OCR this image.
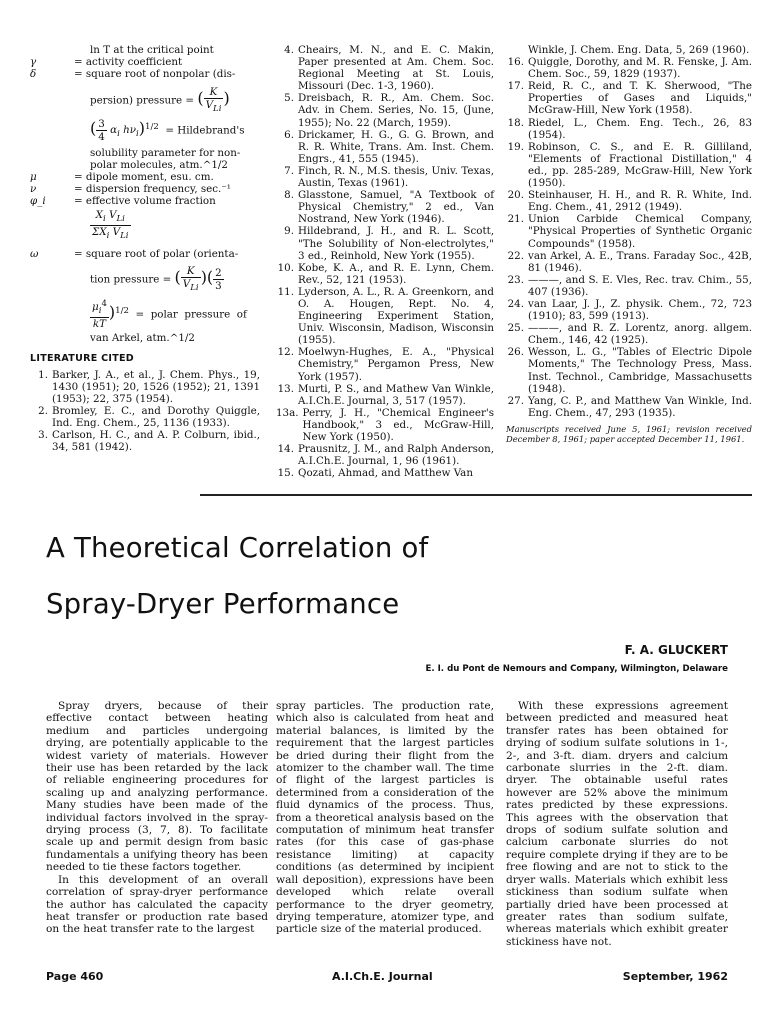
ln T at the critical point
γ	= activity coefficient
δ	= square root of nonpolar (dis-
persion) pressure = ( $\frac{K}{V_{Li}}$ )
( $\frac{3}{4} \alpha_i$ $h\nu_i)^{1/2}$  = Hildebrand's
solubility parameter for non-
polar molecules, atm.^1/2
μ	= dipole moment, esu. cm.
ν	= dispersion frequency, sec.⁻¹
φ_i	= effective volume fraction
$\frac{X_i V_{Li}}{\Sigma X_i V_{Li}}$
ω	= square root of polar (orienta-
tion pressure = ( $\frac{K}{V_{Li}}$ )( $\frac{2}{3}$
$\frac{\mu_i^4}{kT} )^{1/2}$  =  polar  pressure  of
van Arkel, atm.^1/2
LITERATURE CITED
1. Barker, J. A., et al., J. Chem. Phys., 19, 1430 (1951); 20, 1526 (1952); 21, 1391 (1953); 22, 375 (1954).
2. Bromley, E. C., and Dorothy Quiggle, Ind. Eng. Chem., 25, 1136 (1933).
3. Carlson, H. C., and A. P. Colburn, ibid., 34, 581 (1942).
4. Cheairs, M. N., and E. C. Makin, Paper presented at Am. Chem. Soc. Regional Meeting at St. Louis, Missouri (Dec. 1-3, 1960).
5. Dreisbach, R. R., Am. Chem. Soc. Adv. in Chem. Series, No. 15, (June, 1955); No. 22 (March, 1959).
6. Drickamer, H. G., G. G. Brown, and R. R. White, Trans. Am. Inst. Chem. Engrs., 41, 555 (1945).
7. Finch, R. N., M.S. thesis, Univ. Texas, Austin, Texas (1961).
8. Glasstone, Samuel, "A Textbook of Physical Chemistry," 2 ed., Van Nostrand, New York (1946).
9. Hildebrand, J. H., and R. L. Scott, "The Solubility of Non-electrolytes," 3 ed., Reinhold, New York (1955).
10. Kobe, K. A., and R. E. Lynn, Chem. Rev., 52, 121 (1953).
11. Lyderson, A. L., R. A. Greenkorn, and O. A. Hougen, Rept. No. 4, Engineering Experiment Station, Univ. Wisconsin, Madison, Wisconsin (1955).
12. Moelwyn-Hughes, E. A., "Physical Chemistry," Pergamon Press, New York (1957).
13. Murti, P. S., and Mathew Van Winkle, A.I.Ch.E. Journal, 3, 517 (1957).
13a. Perry, J. H., "Chemical Engineer's Handbook," 3 ed., McGraw-Hill, New York (1950).
14. Prausnitz, J. M., and Ralph Anderson, A.I.Ch.E. Journal, 1, 96 (1961).
15. Qozati, Ahmad, and Matthew Van
Winkle, J. Chem. Eng. Data, 5, 269 (1960).
16. Quiggle, Dorothy, and M. R. Fenske, J. Am. Chem. Soc., 59, 1829 (1937).
17. Reid, R. C., and T. K. Sherwood, "The Properties of Gases and Liquids," McGraw-Hill, New York (1958).
18. Riedel, L., Chem. Eng. Tech., 26, 83 (1954).
19. Robinson, C. S., and E. R. Gilliland, "Elements of Fractional Distillation," 4 ed., pp. 285-289, McGraw-Hill, New York (1950).
20. Steinhauser, H. H., and R. R. White, Ind. Eng. Chem., 41, 2912 (1949).
21. Union Carbide Chemical Company, "Physical Properties of Synthetic Organic Compounds" (1958).
22. van Arkel, A. E., Trans. Faraday Soc., 42B, 81 (1946).
23. ———, and S. E. Vles, Rec. trav. Chim., 55, 407 (1936).
24. van Laar, J. J., Z. physik. Chem., 72, 723 (1910); 83, 599 (1913).
25. ———, and R. Z. Lorentz, anorg. allgem. Chem., 146, 42 (1925).
26. Wesson, L. G., "Tables of Electric Dipole Moments," The Technology Press, Mass. Inst. Technol., Cambridge, Massachusetts (1948).
27. Yang, C. P., and Matthew Van Winkle, Ind. Eng. Chem., 47, 293 (1935).
Manuscripts received June 5, 1961; revision received December 8, 1961; paper accepted December 11, 1961.
A Theoretical Correlation of
Spray-Dryer Performance
F. A. GLUCKERT
E. I. du Pont de Nemours and Company, Wilmington, Delaware

Spray dryers, because of their effective contact between heating medium and particles undergoing drying, are potentially applicable to the widest variety of materials. However their use has been retarded by the lack of reliable engineering procedures for scaling up and analyzing performance. Many studies have been made of the individual factors involved in the spray-drying process (3, 7, 8). To facilitate scale up and permit design from basic fundamentals a unifying theory has been needed to tie these factors together.

In this development of an overall correlation of spray-dryer performance the author has calculated the capacity heat transfer or production rate based on the heat transfer rate to the largest

spray particles. The production rate, which also is calculated from heat and material balances, is limited by the requirement that the largest particles be dried during their flight from the atomizer to the chamber wall. The time of flight of the largest particles is determined from a consideration of the fluid dynamics of the process. Thus, from a theoretical analysis based on the computation of minimum heat transfer rates (for this case of gas-phase resistance limiting) at capacity conditions (as determined by incipient wall deposition), expressions have been developed which relate overall performance to the dryer geometry, drying temperature, atomizer type, and particle size of the material produced.

With these expressions agreement between predicted and measured heat transfer rates has been obtained for drying of sodium sulfate solutions in 1-, 2-, and 3-ft. diam. dryers and calcium carbonate slurries in the 2-ft. diam. dryer. The obtainable useful rates however are 52% above the minimum rates predicted by these expressions. This agrees with the observation that drops of sodium sulfate solution and calcium carbonate slurries do not require complete drying if they are to be free flowing and are not to stick to the dryer walls. Materials which exhibit less stickiness than sodium sulfate when partially dried have been processed at greater rates than sodium sulfate, whereas materials which exhibit greater stickiness have not.

Page 460	A.I.Ch.E. Journal	September, 1962
